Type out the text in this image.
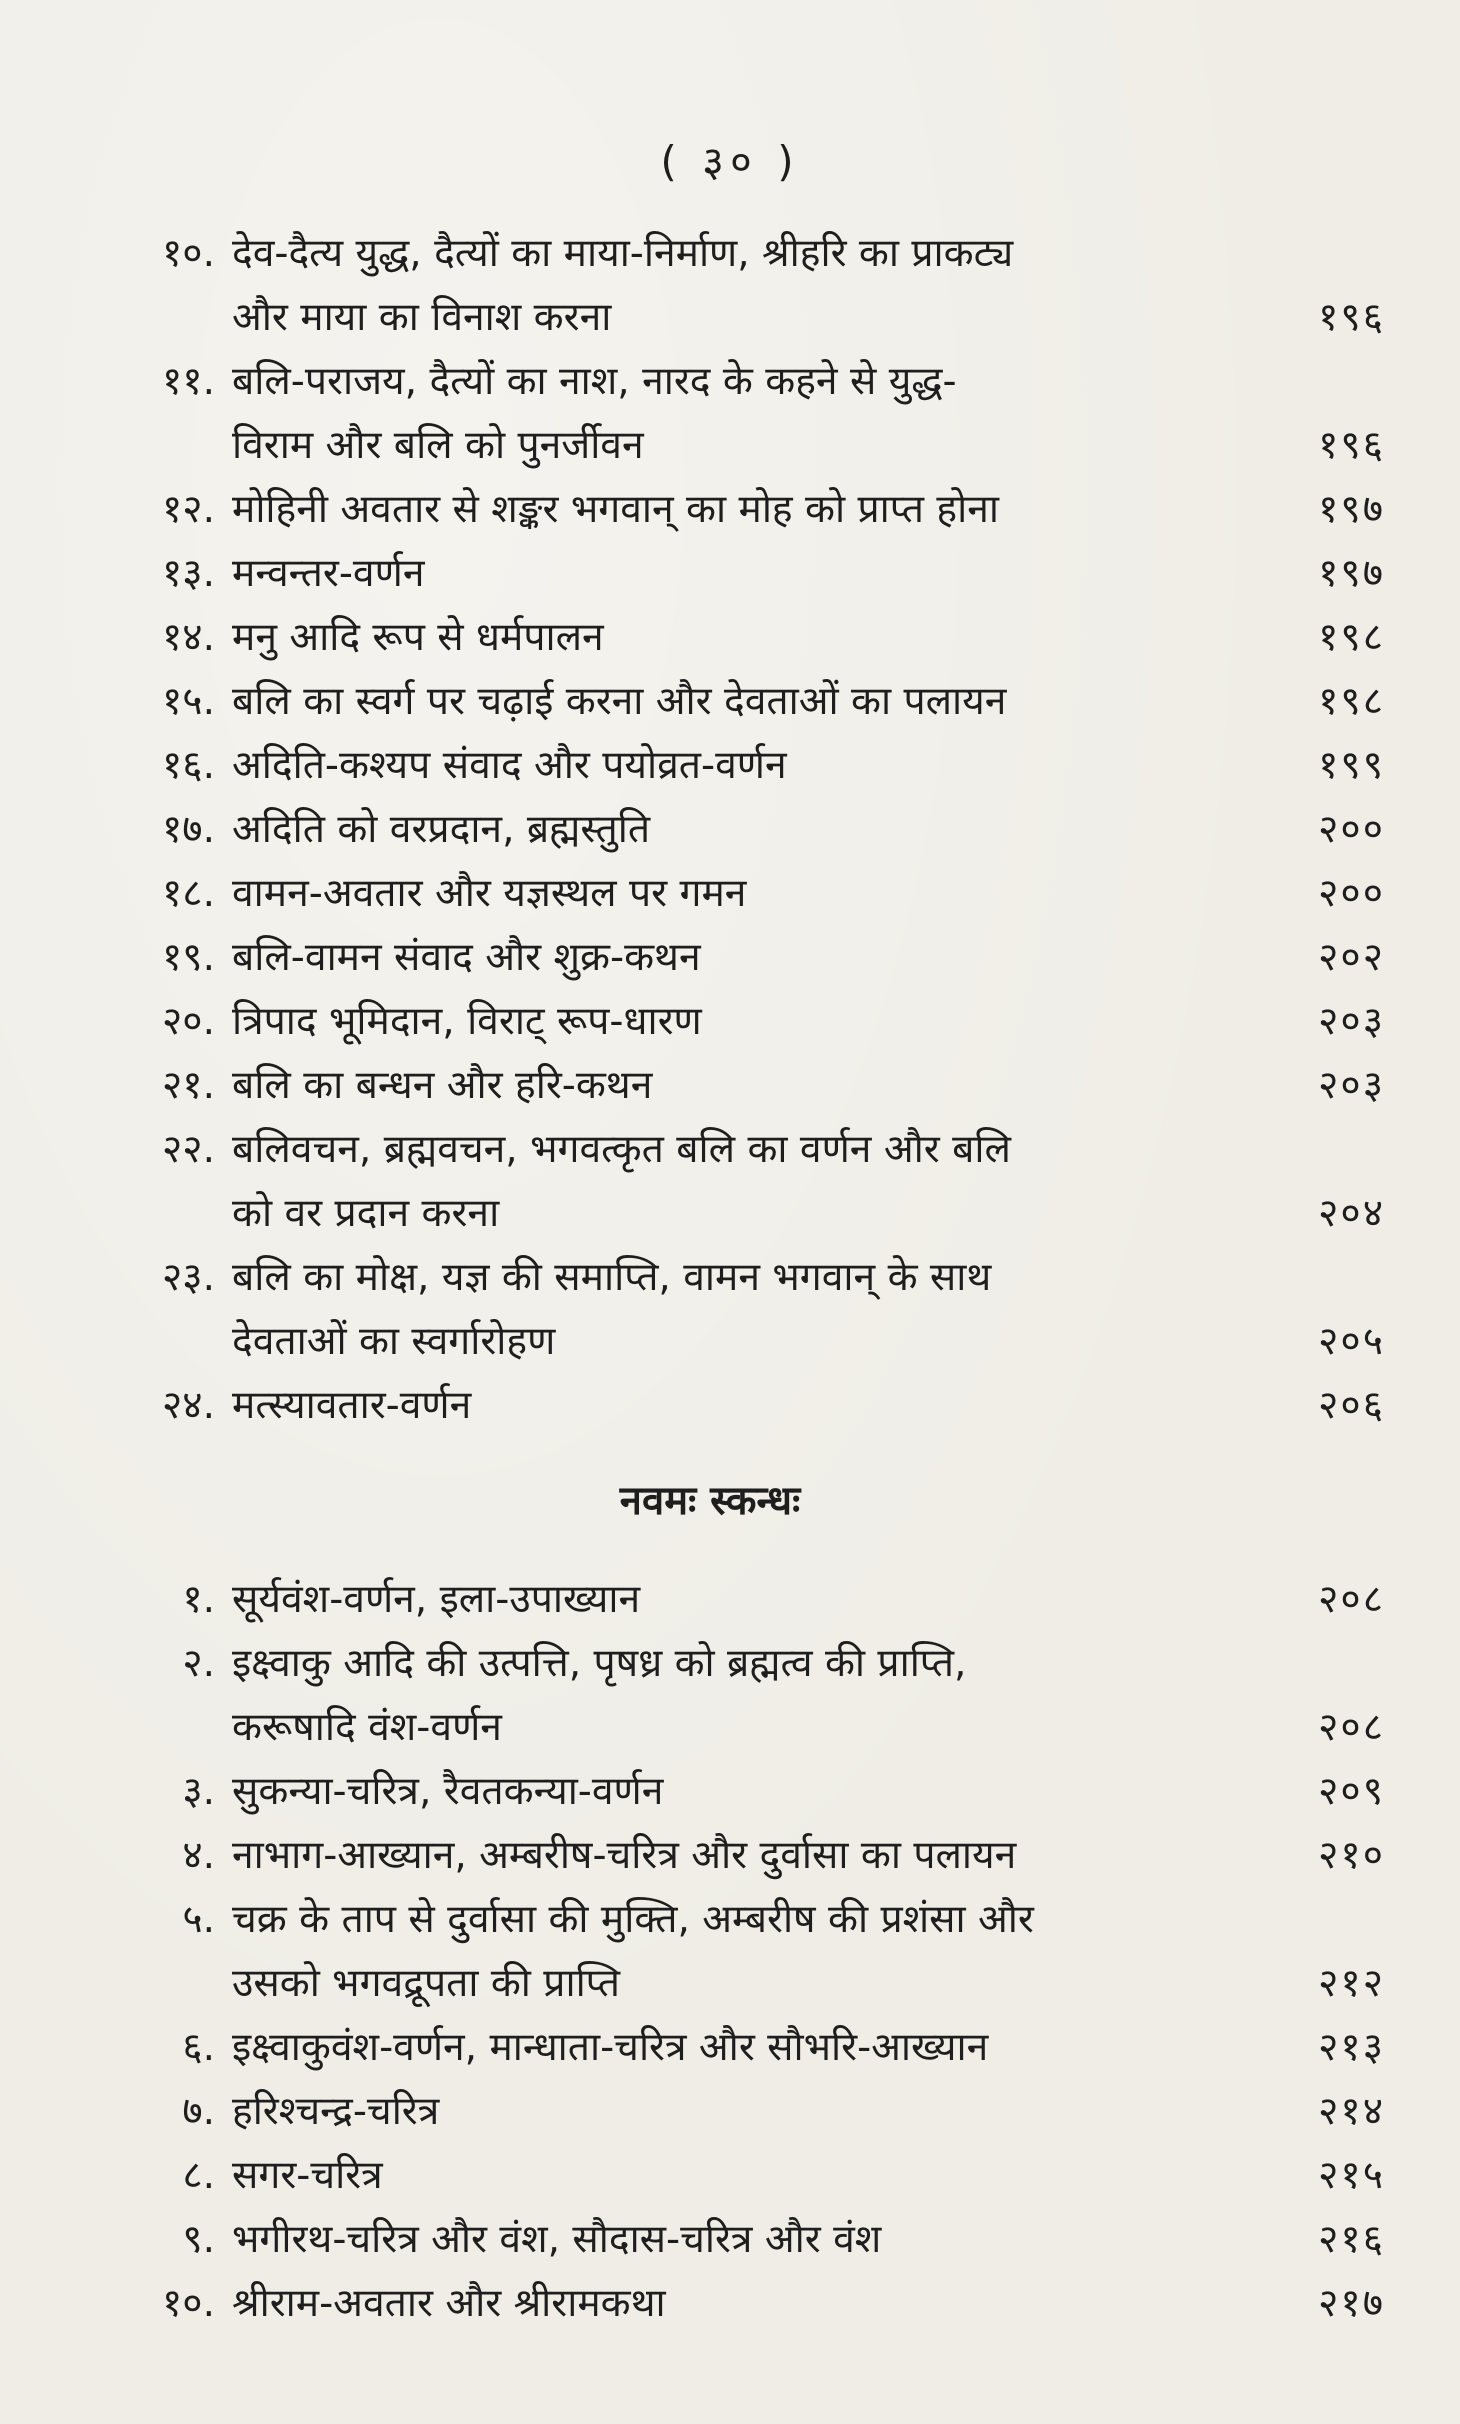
( ३० )
१०. देव-दैत्य युद्ध, दैत्यों का माया-निर्माण, श्रीहरि का प्राकट्य
और माया का विनाश करना	१९६
११. बलि-पराजय, दैत्यों का नाश, नारद के कहने से युद्ध-
विराम और बलि को पुनर्जीवन	१९६
१२. मोहिनी अवतार से शङ्कर भगवान् का मोह को प्राप्त होना	१९७
१३. मन्वन्तर-वर्णन	१९७
१४. मनु आदि रूप से धर्मपालन	१९८
१५. बलि का स्वर्ग पर चढ़ाई करना और देवताओं का पलायन	१९८
१६. अदिति-कश्यप संवाद और पयोव्रत-वर्णन	१९९
१७. अदिति को वरप्रदान, ब्रह्मस्तुति	२००
१८. वामन-अवतार और यज्ञस्थल पर गमन	२००
१९. बलि-वामन संवाद और शुक्र-कथन	२०२
२०. त्रिपाद भूमिदान, विराट् रूप-धारण	२०३
२१. बलि का बन्धन और हरि-कथन	२०३
२२. बलिवचन, ब्रह्मवचन, भगवत्कृत बलि का वर्णन और बलि
को वर प्रदान करना	२०४
२३. बलि का मोक्ष, यज्ञ की समाप्ति, वामन भगवान् के साथ
देवताओं का स्वर्गारोहण	२०५
२४. मत्स्यावतार-वर्णन	२०६
नवमः स्कन्धः
१. सूर्यवंश-वर्णन, इला-उपाख्यान	२०८
२. इक्ष्वाकु आदि की उत्पत्ति, पृषध्र को ब्रह्मत्व की प्राप्ति,
करूषादि वंश-वर्णन	२०८
३. सुकन्या-चरित्र, रैवतकन्या-वर्णन	२०९
४. नाभाग-आख्यान, अम्बरीष-चरित्र और दुर्वासा का पलायन	२१०
५. चक्र के ताप से दुर्वासा की मुक्ति, अम्बरीष की प्रशंसा और
उसको भगवद्रूपता की प्राप्ति	२१२
६. इक्ष्वाकुवंश-वर्णन, मान्धाता-चरित्र और सौभरि-आख्यान	२१३
७. हरिश्चन्द्र-चरित्र	२१४
८. सगर-चरित्र	२१५
९. भगीरथ-चरित्र और वंश, सौदास-चरित्र और वंश	२१६
१०. श्रीराम-अवतार और श्रीरामकथा	२१७
